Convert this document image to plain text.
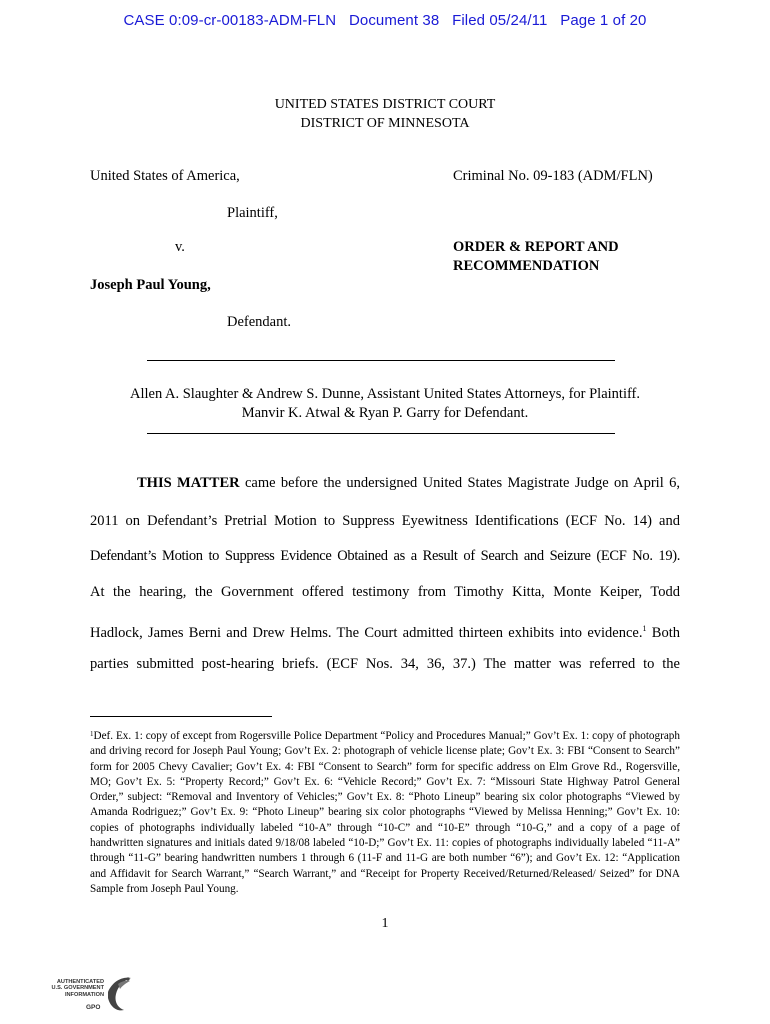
CASE 0:09-cr-00183-ADM-FLN   Document 38   Filed 05/24/11   Page 1 of 20
UNITED STATES DISTRICT COURT
DISTRICT OF MINNESOTA
United States of America,	Criminal No. 09-183 (ADM/FLN)
Plaintiff,
v.	ORDER & REPORT AND
RECOMMENDATION
Joseph Paul Young,
Defendant.
Allen A. Slaughter & Andrew S. Dunne, Assistant United States Attorneys, for Plaintiff.
Manvir K. Atwal & Ryan P. Garry for Defendant.
THIS MATTER came before the undersigned United States Magistrate Judge on April 6,
2011 on Defendant’s Pretrial Motion to Suppress Eyewitness Identifications (ECF No. 14) and
Defendant’s Motion to Suppress Evidence Obtained as a Result of Search and Seizure (ECF No. 19).
At the hearing, the Government offered testimony from Timothy Kitta, Monte Keiper, Todd
Hadlock, James Berni and Drew Helms. The Court admitted thirteen exhibits into evidence.$^1$ Both
parties submitted post-hearing briefs. (ECF Nos. 34, 36, 37.) The matter was referred to the
$^1$Def. Ex. 1: copy of except from Rogersville Police Department “Policy and Procedures Manual;” Gov’t Ex. 1: copy of photograph and driving record for Joseph Paul Young; Gov’t Ex. 2: photograph of vehicle license plate; Gov’t Ex. 3: FBI “Consent to Search” form for 2005 Chevy Cavalier; Gov’t Ex. 4: FBI “Consent to Search” form for specific address on Elm Grove Rd., Rogersville, MO; Gov’t Ex. 5: “Property Record;” Gov’t Ex. 6: “Vehicle Record;” Gov’t Ex. 7: “Missouri State Highway Patrol General Order,” subject: “Removal and Inventory of Vehicles;” Gov’t Ex. 8: “Photo Lineup” bearing six color photographs “Viewed by Amanda Rodriguez;” Gov’t Ex. 9: “Photo Lineup” bearing six color photographs “Viewed by Melissa Henning;” Gov’t Ex. 10: copies of photographs individually labeled “10-A” through “10-C” and “10-E” through “10-G,” and a copy of a page of handwritten signatures and initials dated 9/18/08 labeled “10-D;” Gov’t Ex. 11: copies of photographs individually labeled “11-A” through “11-G” bearing handwritten numbers 1 through 6 (11-F and 11-G are both number “6”); and Gov’t Ex. 12: “Application and Affidavit for Search Warrant,” “Search Warrant,” and “Receipt for Property Received/Returned/Released/ Seized” for DNA Sample from Joseph Paul Young.
1
AUTHENTICATED
U.S. GOVERNMENT
INFORMATION
GPO
